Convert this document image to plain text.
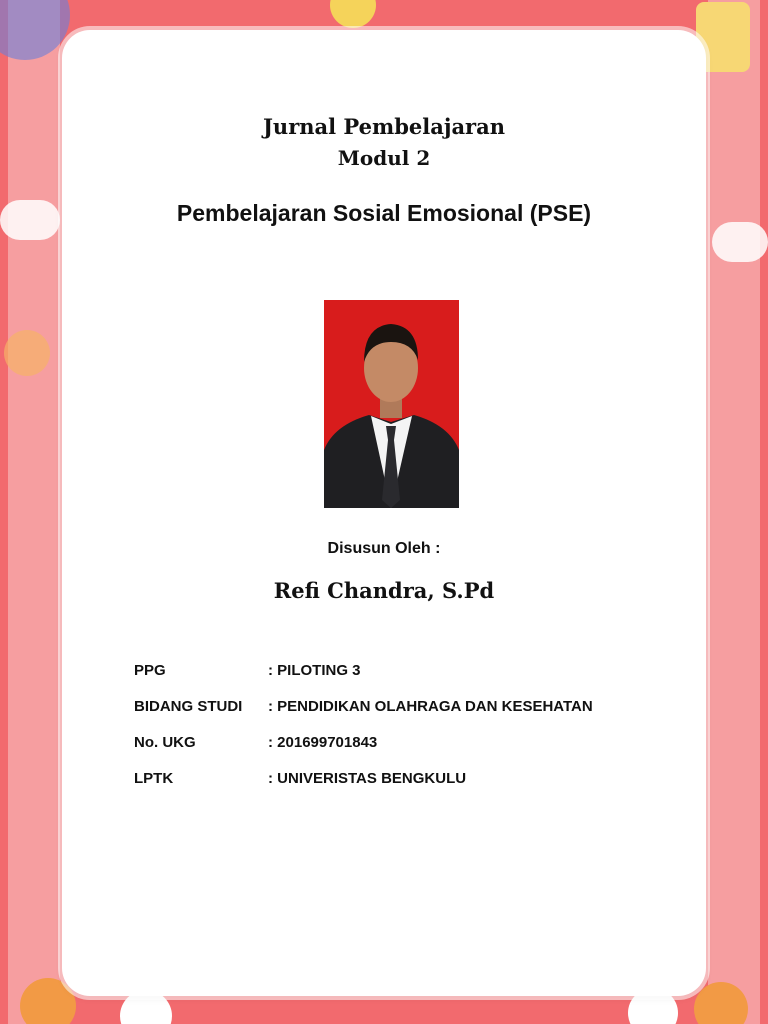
Jurnal Pembelajaran
Modul 2
Pembelajaran Sosial Emosional (PSE)
Disusun Oleh :
Refi Chandra, S.Pd
PPG	: PILOTING 3
BIDANG STUDI	: PENDIDIKAN OLAHRAGA DAN KESEHATAN
No. UKG	: 201699701843
LPTK	: UNIVERISTAS BENGKULU
